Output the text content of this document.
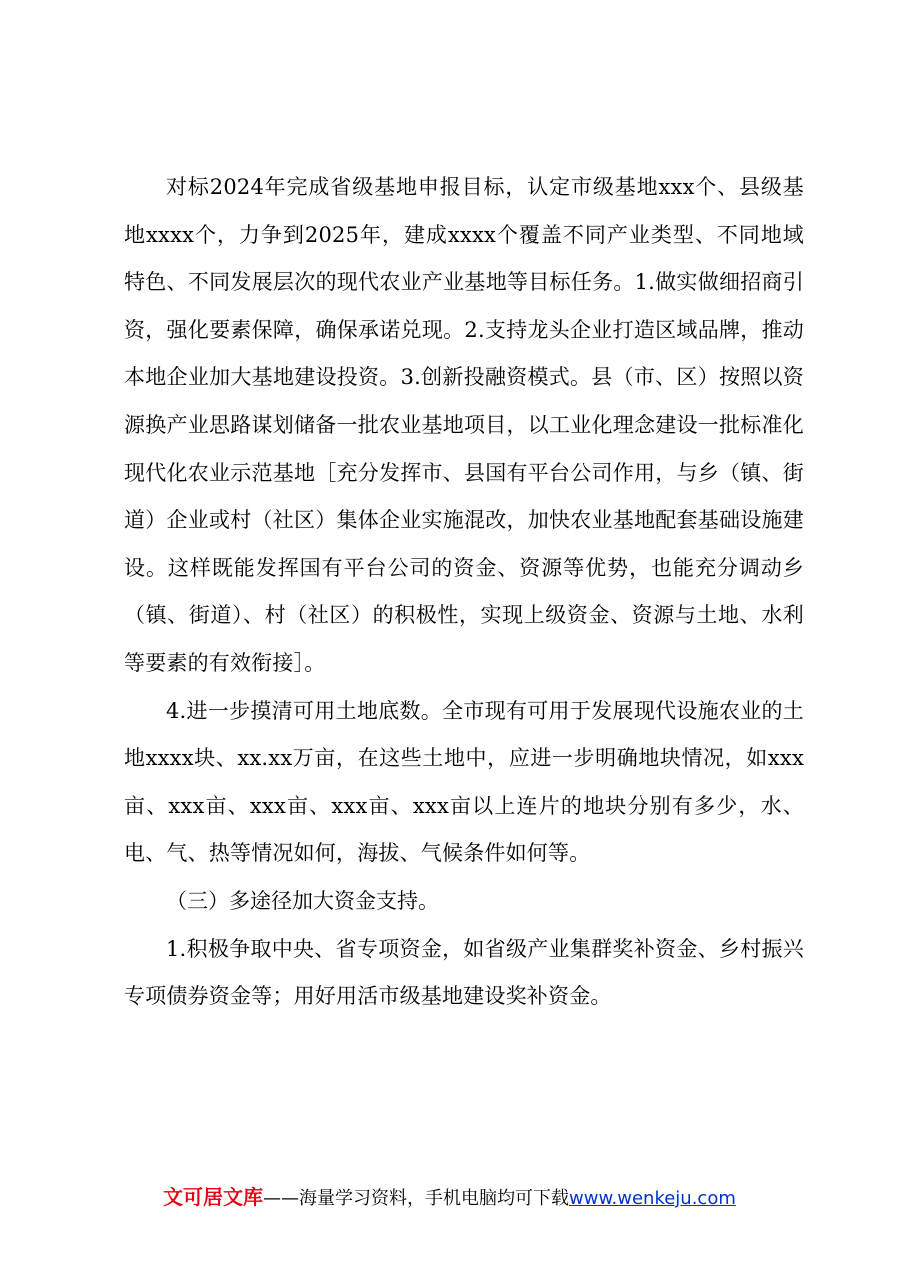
对标2024年完成省级基地申报目标，认定市级基地xxx个、县级基地xxxx个，力争到2025年，建成xxxx个覆盖不同产业类型、不同地域特色、不同发展层次的现代农业产业基地等目标任务。1.做实做细招商引资，强化要素保障，确保承诺兑现。2.支持龙头企业打造区域品牌，推动本地企业加大基地建设投资。3.创新投融资模式。县（市、区）按照以资源换产业思路谋划储备一批农业基地项目，以工业化理念建设一批标准化现代化农业示范基地［充分发挥市、县国有平台公司作用，与乡（镇、街道）企业或村（社区）集体企业实施混改，加快农业基地配套基础设施建设。这样既能发挥国有平台公司的资金、资源等优势，也能充分调动乡（镇、街道）、村（社区）的积极性，实现上级资金、资源与土地、水利等要素的有效衔接］。

4.进一步摸清可用土地底数。全市现有可用于发展现代设施农业的土地xxxx块、xx.xx万亩，在这些土地中，应进一步明确地块情况，如xxx亩、xxx亩、xxx亩、xxx亩、xxx亩以上连片的地块分别有多少，水、电、气、热等情况如何，海拔、气候条件如何等。

（三）多途径加大资金支持。

1.积极争取中央、省专项资金，如省级产业集群奖补资金、乡村振兴专项债券资金等；用好用活市级基地建设奖补资金。

文可居文库——海量学习资料，手机电脑均可下载www.wenkeju.com
